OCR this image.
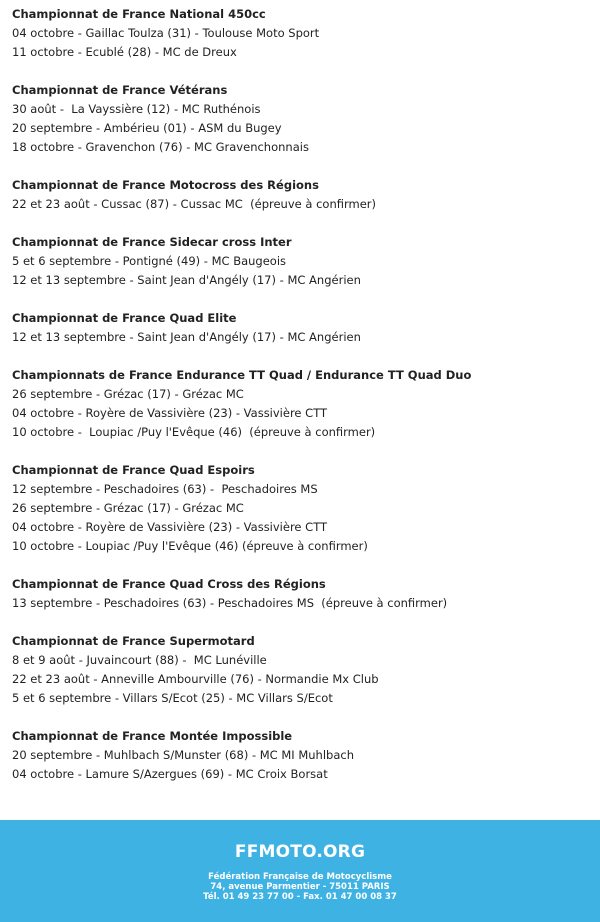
Championnat de France National 450cc
04 octobre - Gaillac Toulza (31) - Toulouse Moto Sport
11 octobre - Ecublé (28) - MC de Dreux
Championnat de France Vétérans
30 août -  La Vayssière (12) - MC Ruthénois
20 septembre - Ambérieu (01) - ASM du Bugey
18 octobre - Gravenchon (76) - MC Gravenchonnais
Championnat de France Motocross des Régions
22 et 23 août - Cussac (87) - Cussac MC  (épreuve à confirmer)
Championnat de France Sidecar cross Inter
5 et 6 septembre - Pontigné (49) - MC Baugeois
12 et 13 septembre - Saint Jean d'Angély (17) - MC Angérien
Championnat de France Quad Elite
12 et 13 septembre - Saint Jean d'Angély (17) - MC Angérien
Championnats de France Endurance TT Quad / Endurance TT Quad Duo
26 septembre - Grézac (17) - Grézac MC
04 octobre - Royère de Vassivière (23) - Vassivière CTT
10 octobre -  Loupiac /Puy l'Evêque (46)  (épreuve à confirmer)
Championnat de France Quad Espoirs
12 septembre - Peschadoires (63) -  Peschadoires MS
26 septembre - Grézac (17) - Grézac MC
04 octobre - Royère de Vassivière (23) - Vassivière CTT
10 octobre - Loupiac /Puy l'Evêque (46) (épreuve à confirmer)
Championnat de France Quad Cross des Régions
13 septembre - Peschadoires (63) - Peschadoires MS  (épreuve à confirmer)
Championnat de France Supermotard
8 et 9 août - Juvaincourt (88) -  MC Lunéville
22 et 23 août - Anneville Ambourville (76) - Normandie Mx Club
5 et 6 septembre - Villars S/Ecot (25) - MC Villars S/Ecot
Championnat de France Montée Impossible
20 septembre - Muhlbach S/Munster (68) - MC MI Muhlbach
04 octobre - Lamure S/Azergues (69) - MC Croix Borsat
FFMOTO.ORG
Fédération Française de Motocyclisme
74, avenue Parmentier - 75011 PARIS
Tél. 01 49 23 77 00 - Fax. 01 47 00 08 37
